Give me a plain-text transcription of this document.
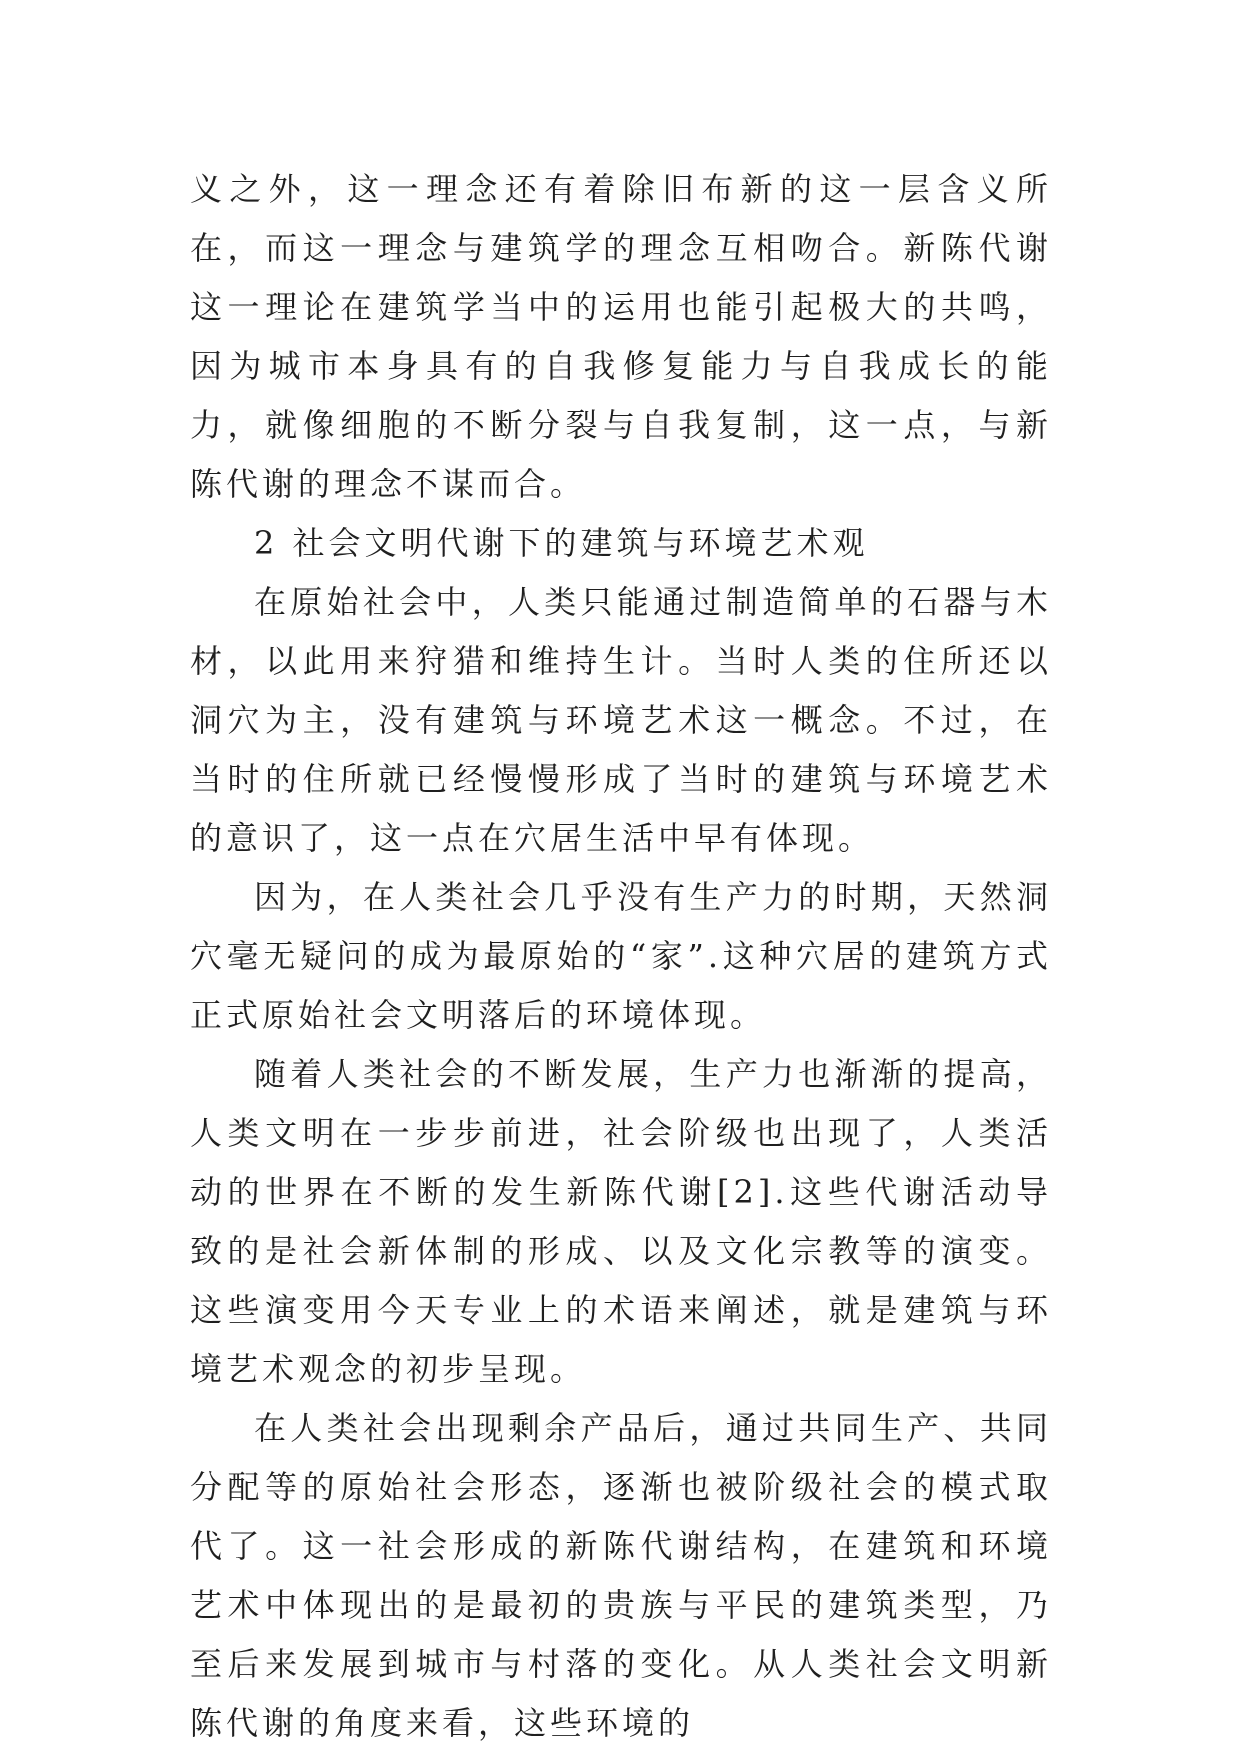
义之外，这一理念还有着除旧布新的这一层含义所在，而这一理念与建筑学的理念互相吻合。新陈代谢这一理论在建筑学当中的运用也能引起极大的共鸣，因为城市本身具有的自我修复能力与自我成长的能力，就像细胞的不断分裂与自我复制，这一点，与新陈代谢的理念不谋而合。

2 社会文明代谢下的建筑与环境艺术观

在原始社会中，人类只能通过制造简单的石器与木材，以此用来狩猎和维持生计。当时人类的住所还以洞穴为主，没有建筑与环境艺术这一概念。不过，在当时的住所就已经慢慢形成了当时的建筑与环境艺术的意识了，这一点在穴居生活中早有体现。

因为，在人类社会几乎没有生产力的时期，天然洞穴毫无疑问的成为最原始的“家”.这种穴居的建筑方式正式原始社会文明落后的环境体现。

随着人类社会的不断发展，生产力也渐渐的提高，人类文明在一步步前进，社会阶级也出现了，人类活动的世界在不断的发生新陈代谢[2].这些代谢活动导致的是社会新体制的形成、以及文化宗教等的演变。这些演变用今天专业上的术语来阐述，就是建筑与环境艺术观念的初步呈现。

在人类社会出现剩余产品后，通过共同生产、共同分配等的原始社会形态，逐渐也被阶级社会的模式取代了。这一社会形成的新陈代谢结构，在建筑和环境艺术中体现出的是最初的贵族与平民的建筑类型，乃至后来发展到城市与村落的变化。从人类社会文明新陈代谢的角度来看，这些环境的
